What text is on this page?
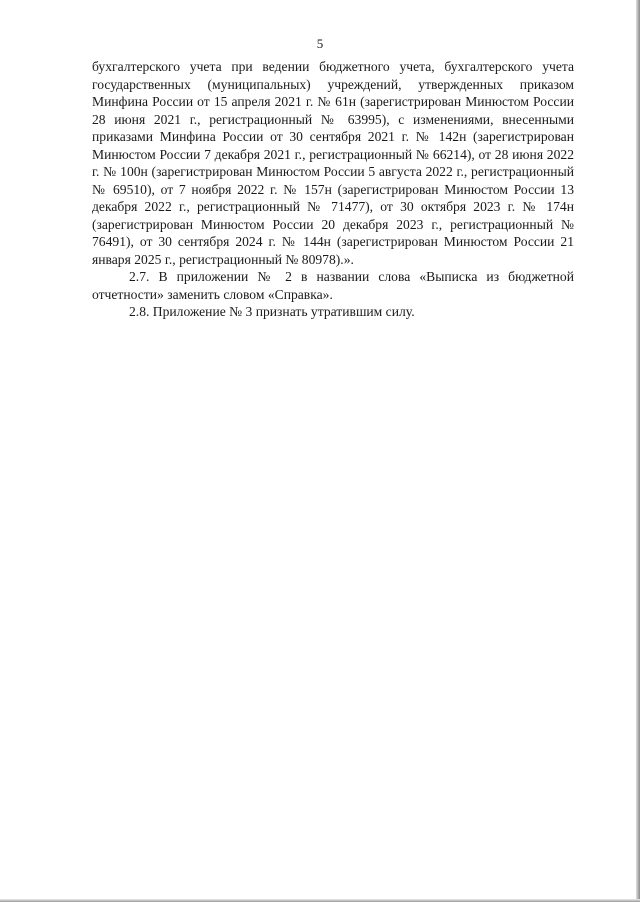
5

бухгалтерского учета при ведении бюджетного учета, бухгалтерского учета государственных (муниципальных) учреждений, утвержденных приказом Минфина России от 15 апреля 2021 г. № 61н (зарегистрирован Минюстом России 28 июня 2021 г., регистрационный № 63995), с изменениями, внесенными приказами Минфина России от 30 сентября 2021 г. № 142н (зарегистрирован Минюстом России 7 декабря 2021 г., регистрационный № 66214), от 28 июня 2022 г. № 100н (зарегистрирован Минюстом России 5 августа 2022 г., регистрационный № 69510), от 7 ноября 2022 г. № 157н (зарегистрирован Минюстом России 13 декабря 2022 г., регистрационный № 71477), от 30 октября 2023 г. № 174н (зарегистрирован Минюстом России 20 декабря 2023 г., регистрационный № 76491), от 30 сентября 2024 г. № 144н (зарегистрирован Минюстом России 21 января 2025 г., регистрационный № 80978).».

2.7. В приложении № 2 в названии слова «Выписка из бюджетной отчетности» заменить словом «Справка».

2.8. Приложение № 3 признать утратившим силу.
